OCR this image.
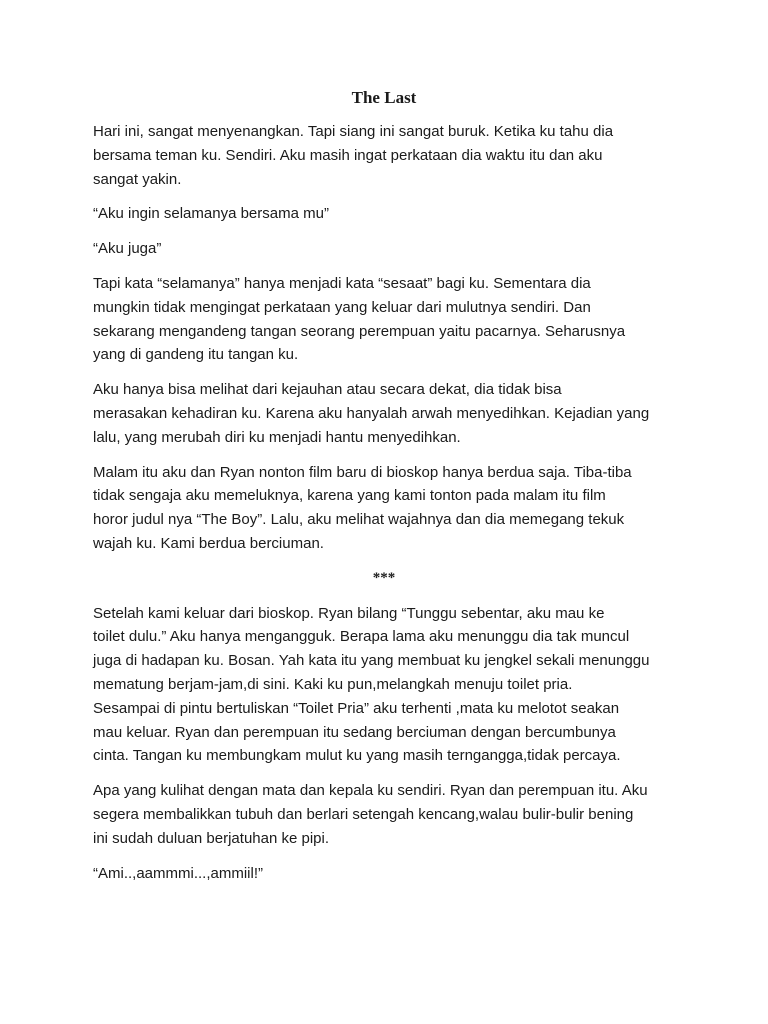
The Last
Hari ini, sangat menyenangkan. Tapi siang ini sangat buruk. Ketika ku tahu dia
bersama teman ku. Sendiri. Aku masih ingat perkataan dia waktu itu dan aku
sangat yakin.
“Aku ingin selamanya bersama mu”
“Aku juga”
Tapi kata “selamanya” hanya menjadi kata “sesaat” bagi ku. Sementara dia
mungkin tidak mengingat perkataan yang keluar dari mulutnya sendiri. Dan
sekarang mengandeng tangan seorang perempuan yaitu pacarnya. Seharusnya
yang di gandeng itu tangan ku.
Aku hanya bisa melihat dari kejauhan atau secara dekat, dia tidak bisa
merasakan kehadiran ku. Karena aku hanyalah arwah menyedihkan. Kejadian yang
lalu, yang merubah diri ku menjadi hantu menyedihkan.
Malam itu aku dan Ryan nonton film baru di bioskop hanya berdua saja. Tiba-tiba
tidak sengaja aku memeluknya, karena yang kami tonton pada malam itu film
horor judul nya “The Boy”. Lalu, aku melihat wajahnya dan dia memegang tekuk
wajah ku. Kami berdua berciuman.
***
Setelah kami keluar dari bioskop. Ryan bilang “Tunggu sebentar, aku mau ke
toilet dulu.” Aku hanya mengangguk. Berapa lama aku menunggu dia tak muncul
juga di hadapan ku. Bosan. Yah kata itu yang membuat ku jengkel sekali menunggu
mematung berjam-jam,di sini. Kaki ku pun,melangkah menuju toilet pria.
Sesampai di pintu bertuliskan “Toilet Pria” aku terhenti ,mata ku melotot seakan
mau keluar. Ryan dan perempuan itu sedang berciuman dengan bercumbunya
cinta. Tangan ku membungkam mulut ku yang masih terngangga,tidak percaya.
Apa yang kulihat dengan mata dan kepala ku sendiri. Ryan dan perempuan itu. Aku
segera membalikkan tubuh dan berlari setengah kencang,walau bulir-bulir bening
ini sudah duluan berjatuhan ke pipi.
“Ami..,aammmi...,ammiil!”
